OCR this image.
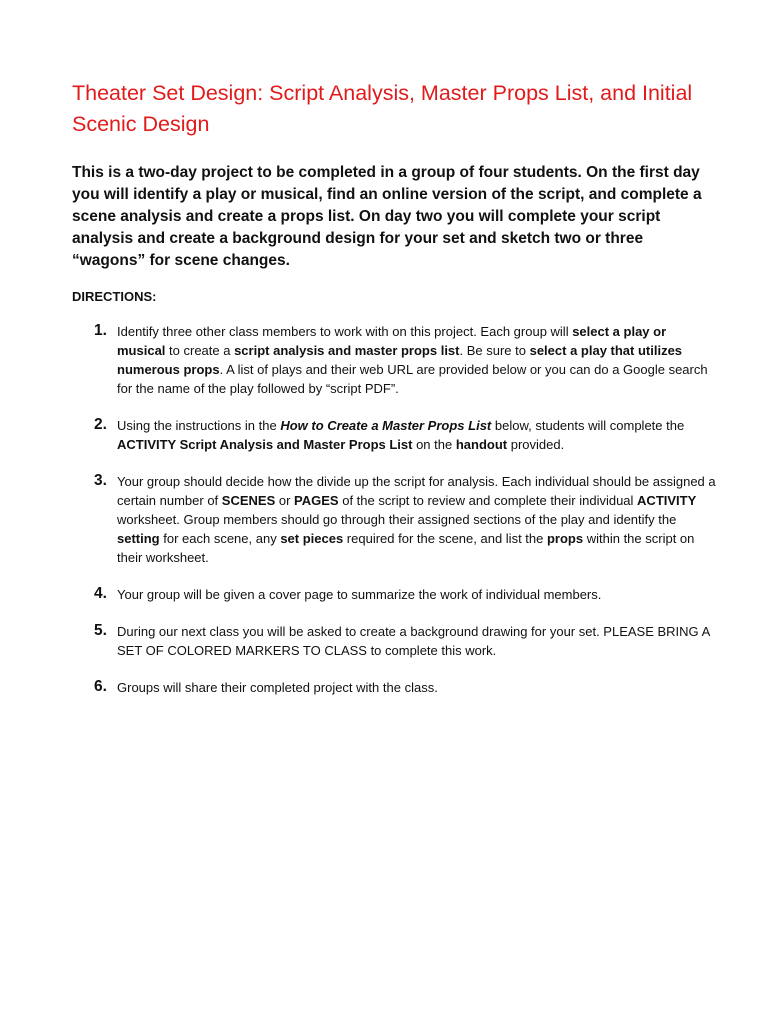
Theater Set Design: Script Analysis, Master Props List, and Initial Scenic Design

This is a two-day project to be completed in a group of four students. On the first day you will identify a play or musical, find an online version of the script, and complete a scene analysis and create a props list. On day two you will complete your script analysis and create a background design for your set and sketch two or three “wagons” for scene changes.

DIRECTIONS:

1. Identify three other class members to work with on this project. Each group will select a play or musical to create a script analysis and master props list. Be sure to select a play that utilizes numerous props. A list of plays and their web URL are provided below or you can do a Google search for the name of the play followed by “script PDF”.
2. Using the instructions in the How to Create a Master Props List below, students will complete the ACTIVITY Script Analysis and Master Props List on the handout provided.
3. Your group should decide how the divide up the script for analysis. Each individual should be assigned a certain number of SCENES or PAGES of the script to review and complete their individual ACTIVITY worksheet. Group members should go through their assigned sections of the play and identify the setting for each scene, any set pieces required for the scene, and list the props within the script on their worksheet.
4. Your group will be given a cover page to summarize the work of individual members.
5. During our next class you will be asked to create a background drawing for your set. PLEASE BRING A SET OF COLORED MARKERS TO CLASS to complete this work.
6. Groups will share their completed project with the class.
